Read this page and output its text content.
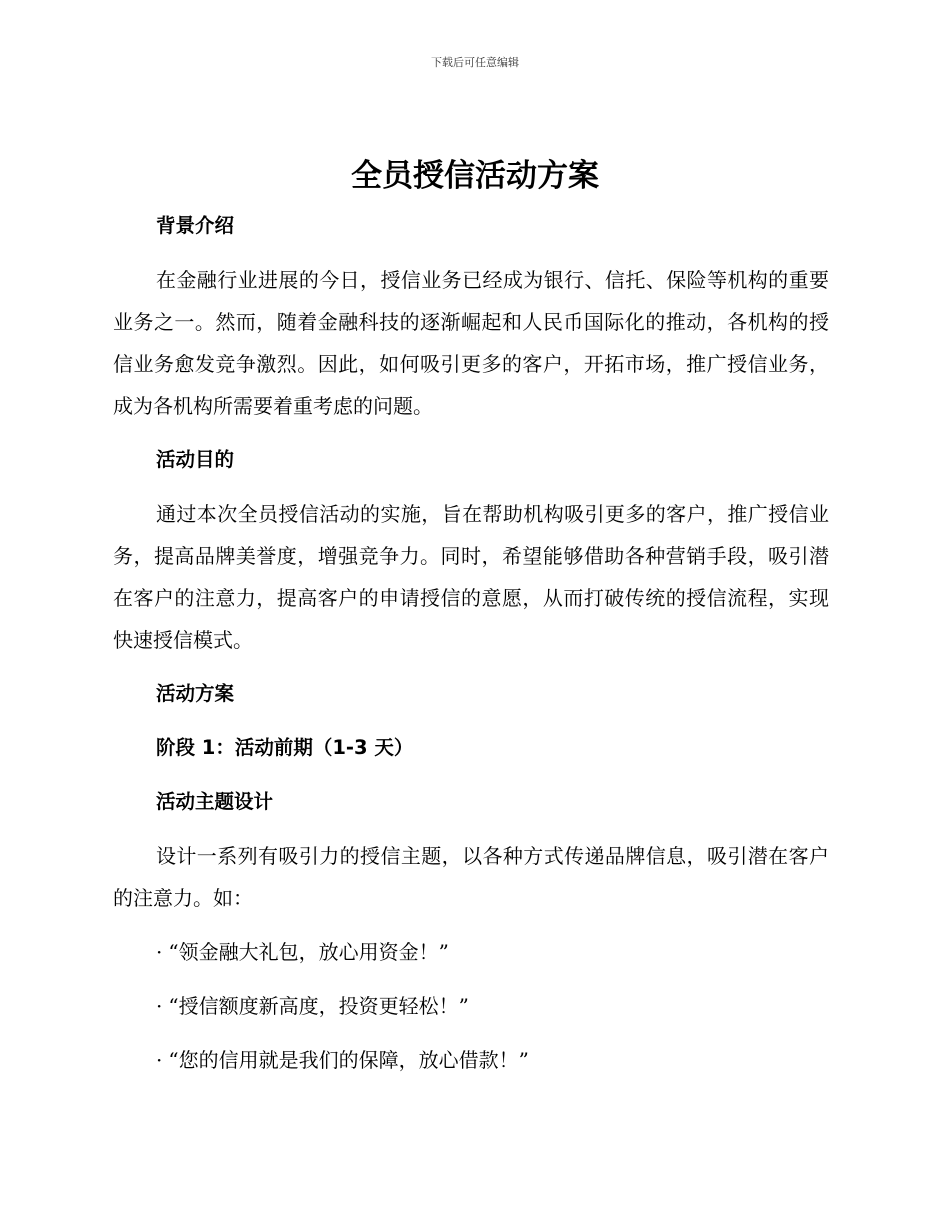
下载后可任意编辑
全员授信活动方案
背景介绍

在金融行业进展的今日，授信业务已经成为银行、信托、保险等机构的重要业务之一。然而，随着金融科技的逐渐崛起和人民币国际化的推动，各机构的授信业务愈发竞争激烈。因此，如何吸引更多的客户，开拓市场，推广授信业务，成为各机构所需要着重考虑的问题。

活动目的

通过本次全员授信活动的实施，旨在帮助机构吸引更多的客户，推广授信业务，提高品牌美誉度，增强竞争力。同时，希望能够借助各种营销手段，吸引潜在客户的注意力，提高客户的申请授信的意愿，从而打破传统的授信流程，实现快速授信模式。

活动方案
阶段 1：活动前期（1-3 天）
活动主题设计

设计一系列有吸引力的授信主题，以各种方式传递品牌信息，吸引潜在客户的注意力。如：

· “领金融大礼包，放心用资金！”
· “授信额度新高度，投资更轻松！”
· “您的信用就是我们的保障，放心借款！”
